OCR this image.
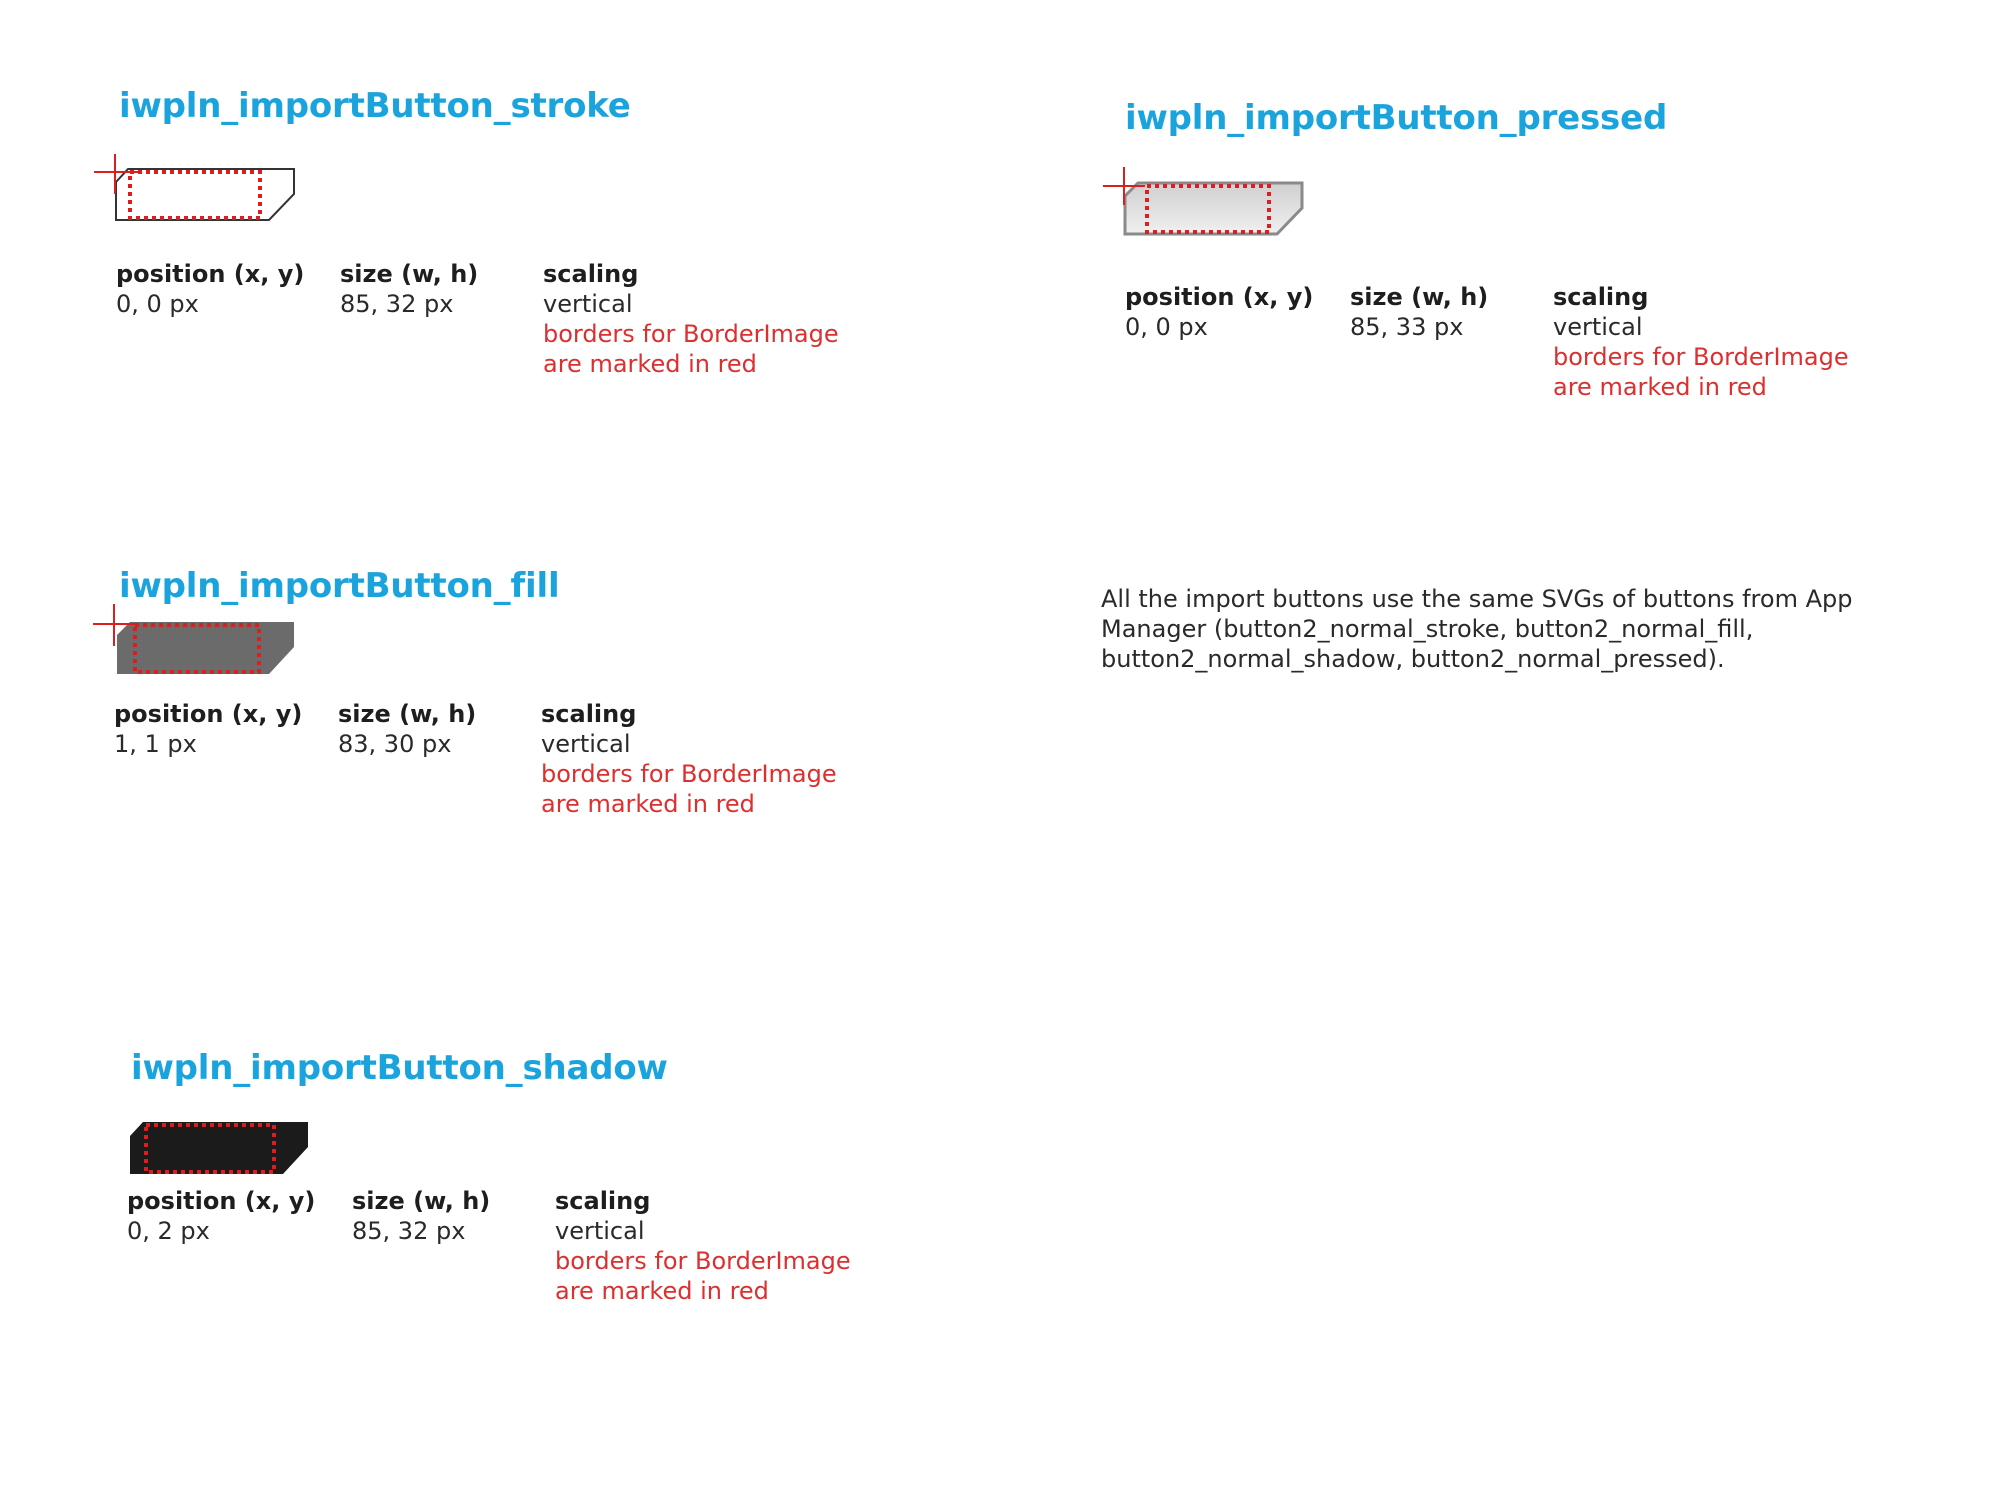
iwpln_importButton_stroke
position (x, y)
0, 0 px
size (w, h)
85, 32 px
scaling
vertical
borders for BorderImage
are marked in red
iwpln_importButton_pressed
position (x, y)
0, 0 px
size (w, h)
85, 33 px
scaling
vertical
borders for BorderImage
are marked in red
iwpln_importButton_fill
position (x, y)
1, 1 px
size (w, h)
83, 30 px
scaling
vertical
borders for BorderImage
are marked in red
iwpln_importButton_shadow
position (x, y)
0, 2 px
size (w, h)
85, 32 px
scaling
vertical
borders for BorderImage
are marked in red
All the import buttons use the same SVGs of buttons from App Manager (button2_normal_stroke, button2_normal_fill, button2_normal_shadow, button2_normal_pressed).
